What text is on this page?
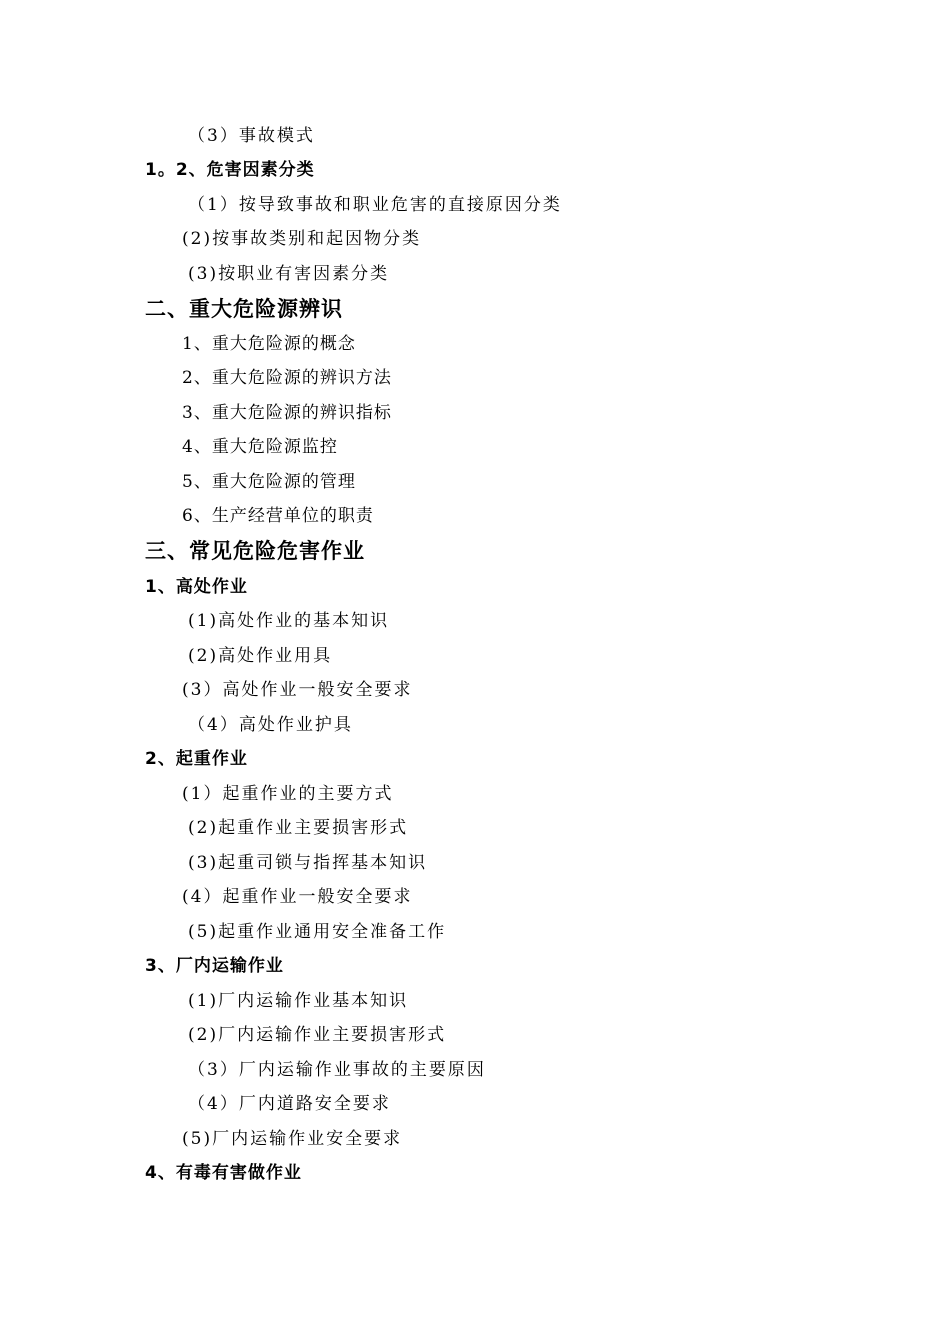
（3）事故模式
1。2、危害因素分类
（1）按导致事故和职业危害的直接原因分类
(2)按事故类别和起因物分类
(3)按职业有害因素分类
二、重大危险源辨识
1、重大危险源的概念
2、重大危险源的辨识方法
3、重大危险源的辨识指标
4、重大危险源监控
5、重大危险源的管理
6、生产经营单位的职责
三、常见危险危害作业
1、高处作业
(1)高处作业的基本知识
(2)高处作业用具
(3）高处作业一般安全要求
（4）高处作业护具
2、起重作业
(1）起重作业的主要方式
(2)起重作业主要损害形式
(3)起重司锁与指挥基本知识
(4）起重作业一般安全要求
(5)起重作业通用安全准备工作
3、厂内运输作业
(1)厂内运输作业基本知识
(2)厂内运输作业主要损害形式
（3）厂内运输作业事故的主要原因
（4）厂内道路安全要求
(5)厂内运输作业安全要求
4、有毒有害做作业
